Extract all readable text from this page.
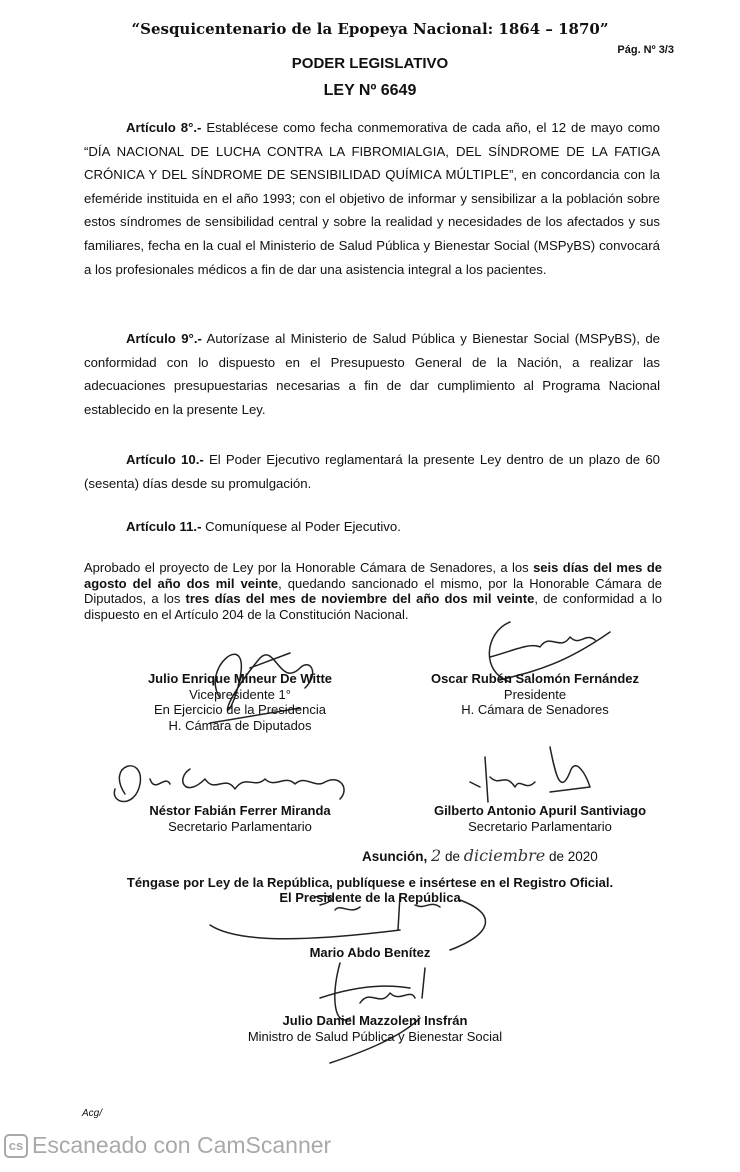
“Sesquicentenario de la Epopeya Nacional: 1864 – 1870”
Pág. Nº 3/3
PODER LEGISLATIVO
LEY Nº 6649
Artículo 8°.- Establécese como fecha conmemorativa de cada año, el 12 de mayo como “DÍA NACIONAL DE LUCHA CONTRA LA FIBROMIALGIA, DEL SÍNDROME DE LA FATIGA CRÓNICA Y DEL SÍNDROME DE SENSIBILIDAD QUÍMICA MÚLTIPLE”, en concordancia con la efeméride instituida en el año 1993; con el objetivo de informar y sensibilizar a la población sobre estos síndromes de sensibilidad central y sobre la realidad y necesidades de los afectados y sus familiares, fecha en la cual el Ministerio de Salud Pública y Bienestar Social (MSPyBS) convocará a los profesionales médicos a fin de dar una asistencia integral a los pacientes.
Artículo 9°.- Autorízase al Ministerio de Salud Pública y Bienestar Social (MSPyBS), de conformidad con lo dispuesto en el Presupuesto General de la Nación, a realizar las adecuaciones presupuestarias necesarias a fin de dar cumplimiento al Programa Nacional establecido en la presente Ley.
Artículo 10.- El Poder Ejecutivo reglamentará la presente Ley dentro de un plazo de 60 (sesenta) días desde su promulgación.
Artículo 11.- Comuníquese al Poder Ejecutivo.
Aprobado el proyecto de Ley por la Honorable Cámara de Senadores, a los seis días del mes de agosto del año dos mil veinte, quedando sancionado el mismo, por la Honorable Cámara de Diputados, a los tres días del mes de noviembre del año dos mil veinte, de conformidad a lo dispuesto en el Artículo 204 de la Constitución Nacional.
Julio Enrique Mineur De Witte
Vicepresidente 1°
En Ejercicio de la Presidencia
H. Cámara de Diputados
Oscar Rubén Salomón Fernández
Presidente
H. Cámara de Senadores
Néstor Fabián Ferrer Miranda
Secretario Parlamentario
Gilberto Antonio Apuril Santiviago
Secretario Parlamentario
Asunción, 2 de diciembre de 2020
Téngase por Ley de la República, publíquese e insértese en el Registro Oficial.
El Presidente de la República
Mario Abdo Benítez
Julio Daniel Mazzoleni Insfrán
Ministro de Salud Pública y Bienestar Social
Acg/
cs Escaneado con CamScanner
